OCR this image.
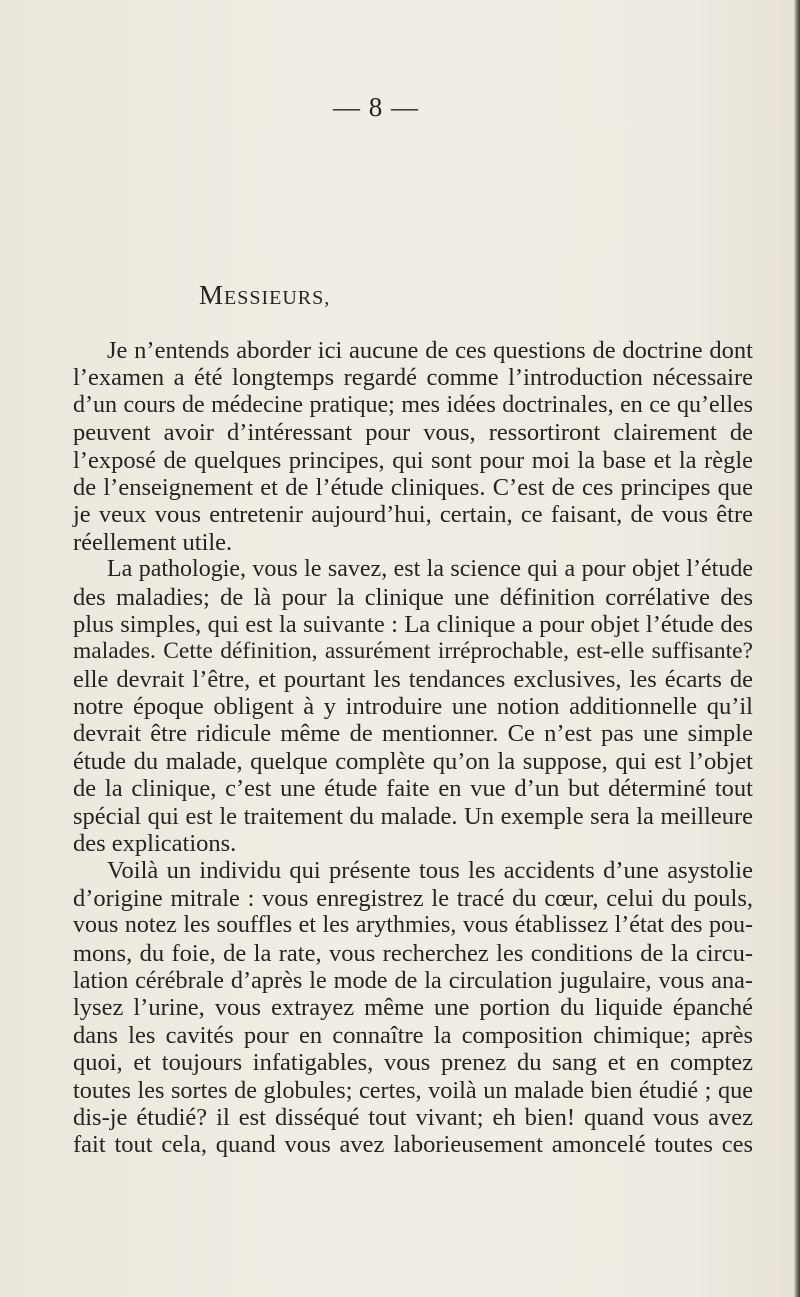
— 8 —
MESSIEURS,
Je n’entends aborder ici aucune de ces questions de doctrine dont
l’examen a été longtemps regardé comme l’introduction nécessaire
d’un cours de médecine pratique; mes idées doctrinales, en ce qu’elles
peuvent avoir d’intéressant pour vous, ressortiront clairement de
l’exposé de quelques principes, qui sont pour moi la base et la règle
de l’enseignement et de l’étude cliniques. C’est de ces principes que
je veux vous entretenir aujourd’hui, certain, ce faisant, de vous être
réellement utile.
La pathologie, vous le savez, est la science qui a pour objet l’étude
des maladies; de là pour la clinique une définition corrélative des
plus simples, qui est la suivante : La clinique a pour objet l’étude des
malades. Cette définition, assurément irréprochable, est-elle suffisante?
elle devrait l’être, et pourtant les tendances exclusives, les écarts de
notre époque obligent à y introduire une notion additionnelle qu’il
devrait être ridicule même de mentionner. Ce n’est pas une simple
étude du malade, quelque complète qu’on la suppose, qui est l’objet
de la clinique, c’est une étude faite en vue d’un but déterminé tout
spécial qui est le traitement du malade. Un exemple sera la meilleure
des explications.
Voilà un individu qui présente tous les accidents d’une asystolie
d’origine mitrale : vous enregistrez le tracé du cœur, celui du pouls,
vous notez les souffles et les arythmies, vous établissez l’état des pou-
mons, du foie, de la rate, vous recherchez les conditions de la circu-
lation cérébrale d’après le mode de la circulation jugulaire, vous ana-
lysez l’urine, vous extrayez même une portion du liquide épanché
dans les cavités pour en connaître la composition chimique; après
quoi, et toujours infatigables, vous prenez du sang et en comptez
toutes les sortes de globules; certes, voilà un malade bien étudié ; que
dis-je étudié? il est disséqué tout vivant; eh bien! quand vous avez
fait tout cela, quand vous avez laborieusement amoncelé toutes ces
